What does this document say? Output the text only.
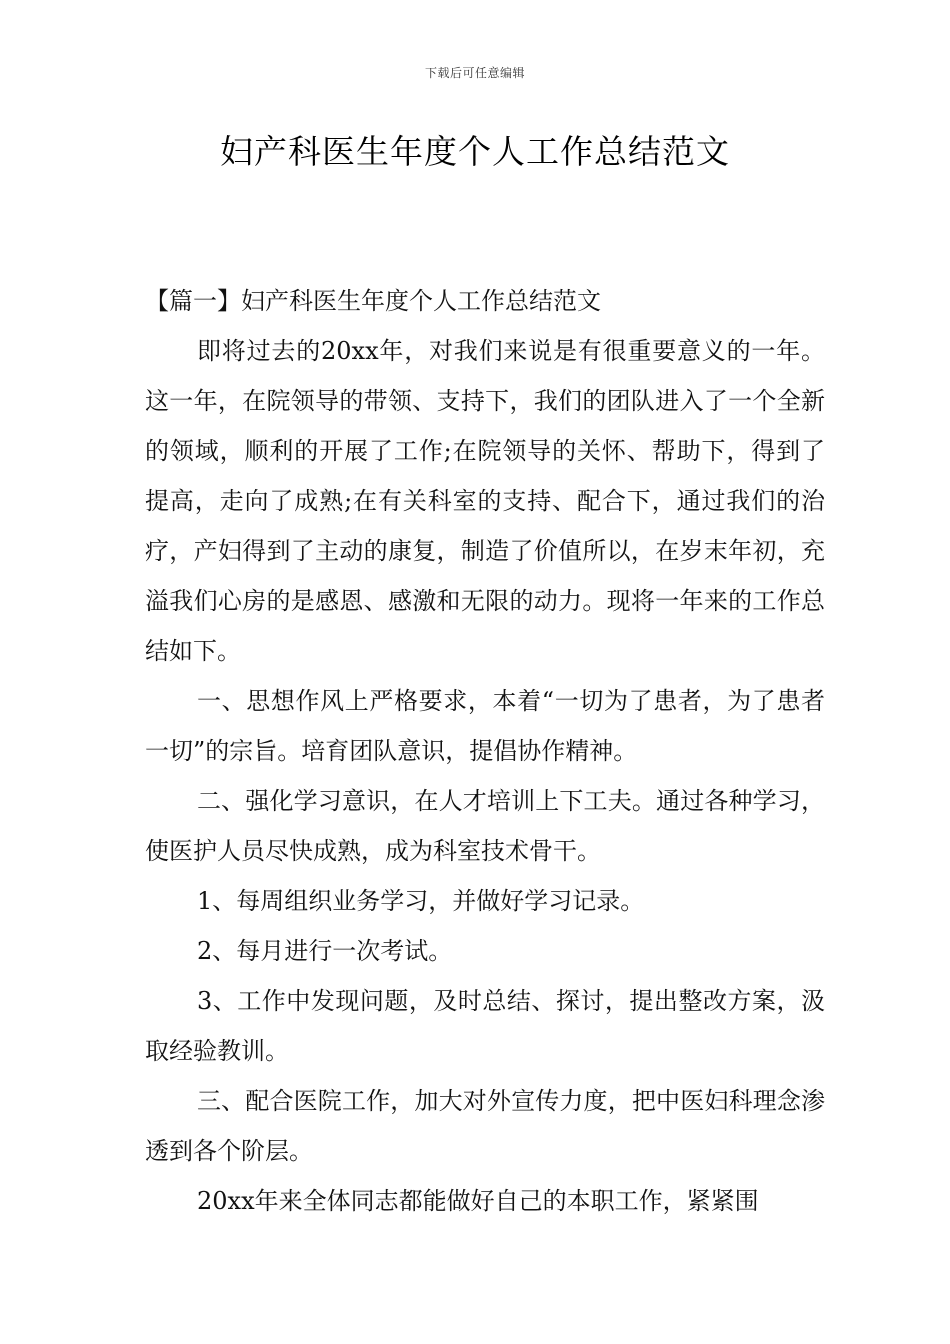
下载后可任意编辑
妇产科医生年度个人工作总结范文

【篇一】妇产科医生年度个人工作总结范文

即将过去的20xx年，对我们来说是有很重要意义的一年。这一年，在院领导的带领、支持下，我们的团队进入了一个全新的领域，顺利的开展了工作;在院领导的关怀、帮助下，得到了提高，走向了成熟;在有关科室的支持、配合下，通过我们的治疗，产妇得到了主动的康复，制造了价值所以，在岁末年初，充溢我们心房的是感恩、感激和无限的动力。现将一年来的工作总结如下。

一、思想作风上严格要求，本着“一切为了患者，为了患者一切”的宗旨。培育团队意识，提倡协作精神。

二、强化学习意识，在人才培训上下工夫。通过各种学习，使医护人员尽快成熟，成为科室技术骨干。

1、每周组织业务学习，并做好学习记录。

2、每月进行一次考试。

3、工作中发现问题，及时总结、探讨，提出整改方案，汲取经验教训。

三、配合医院工作，加大对外宣传力度，把中医妇科理念渗透到各个阶层。

20xx年来全体同志都能做好自己的本职工作，紧紧围
